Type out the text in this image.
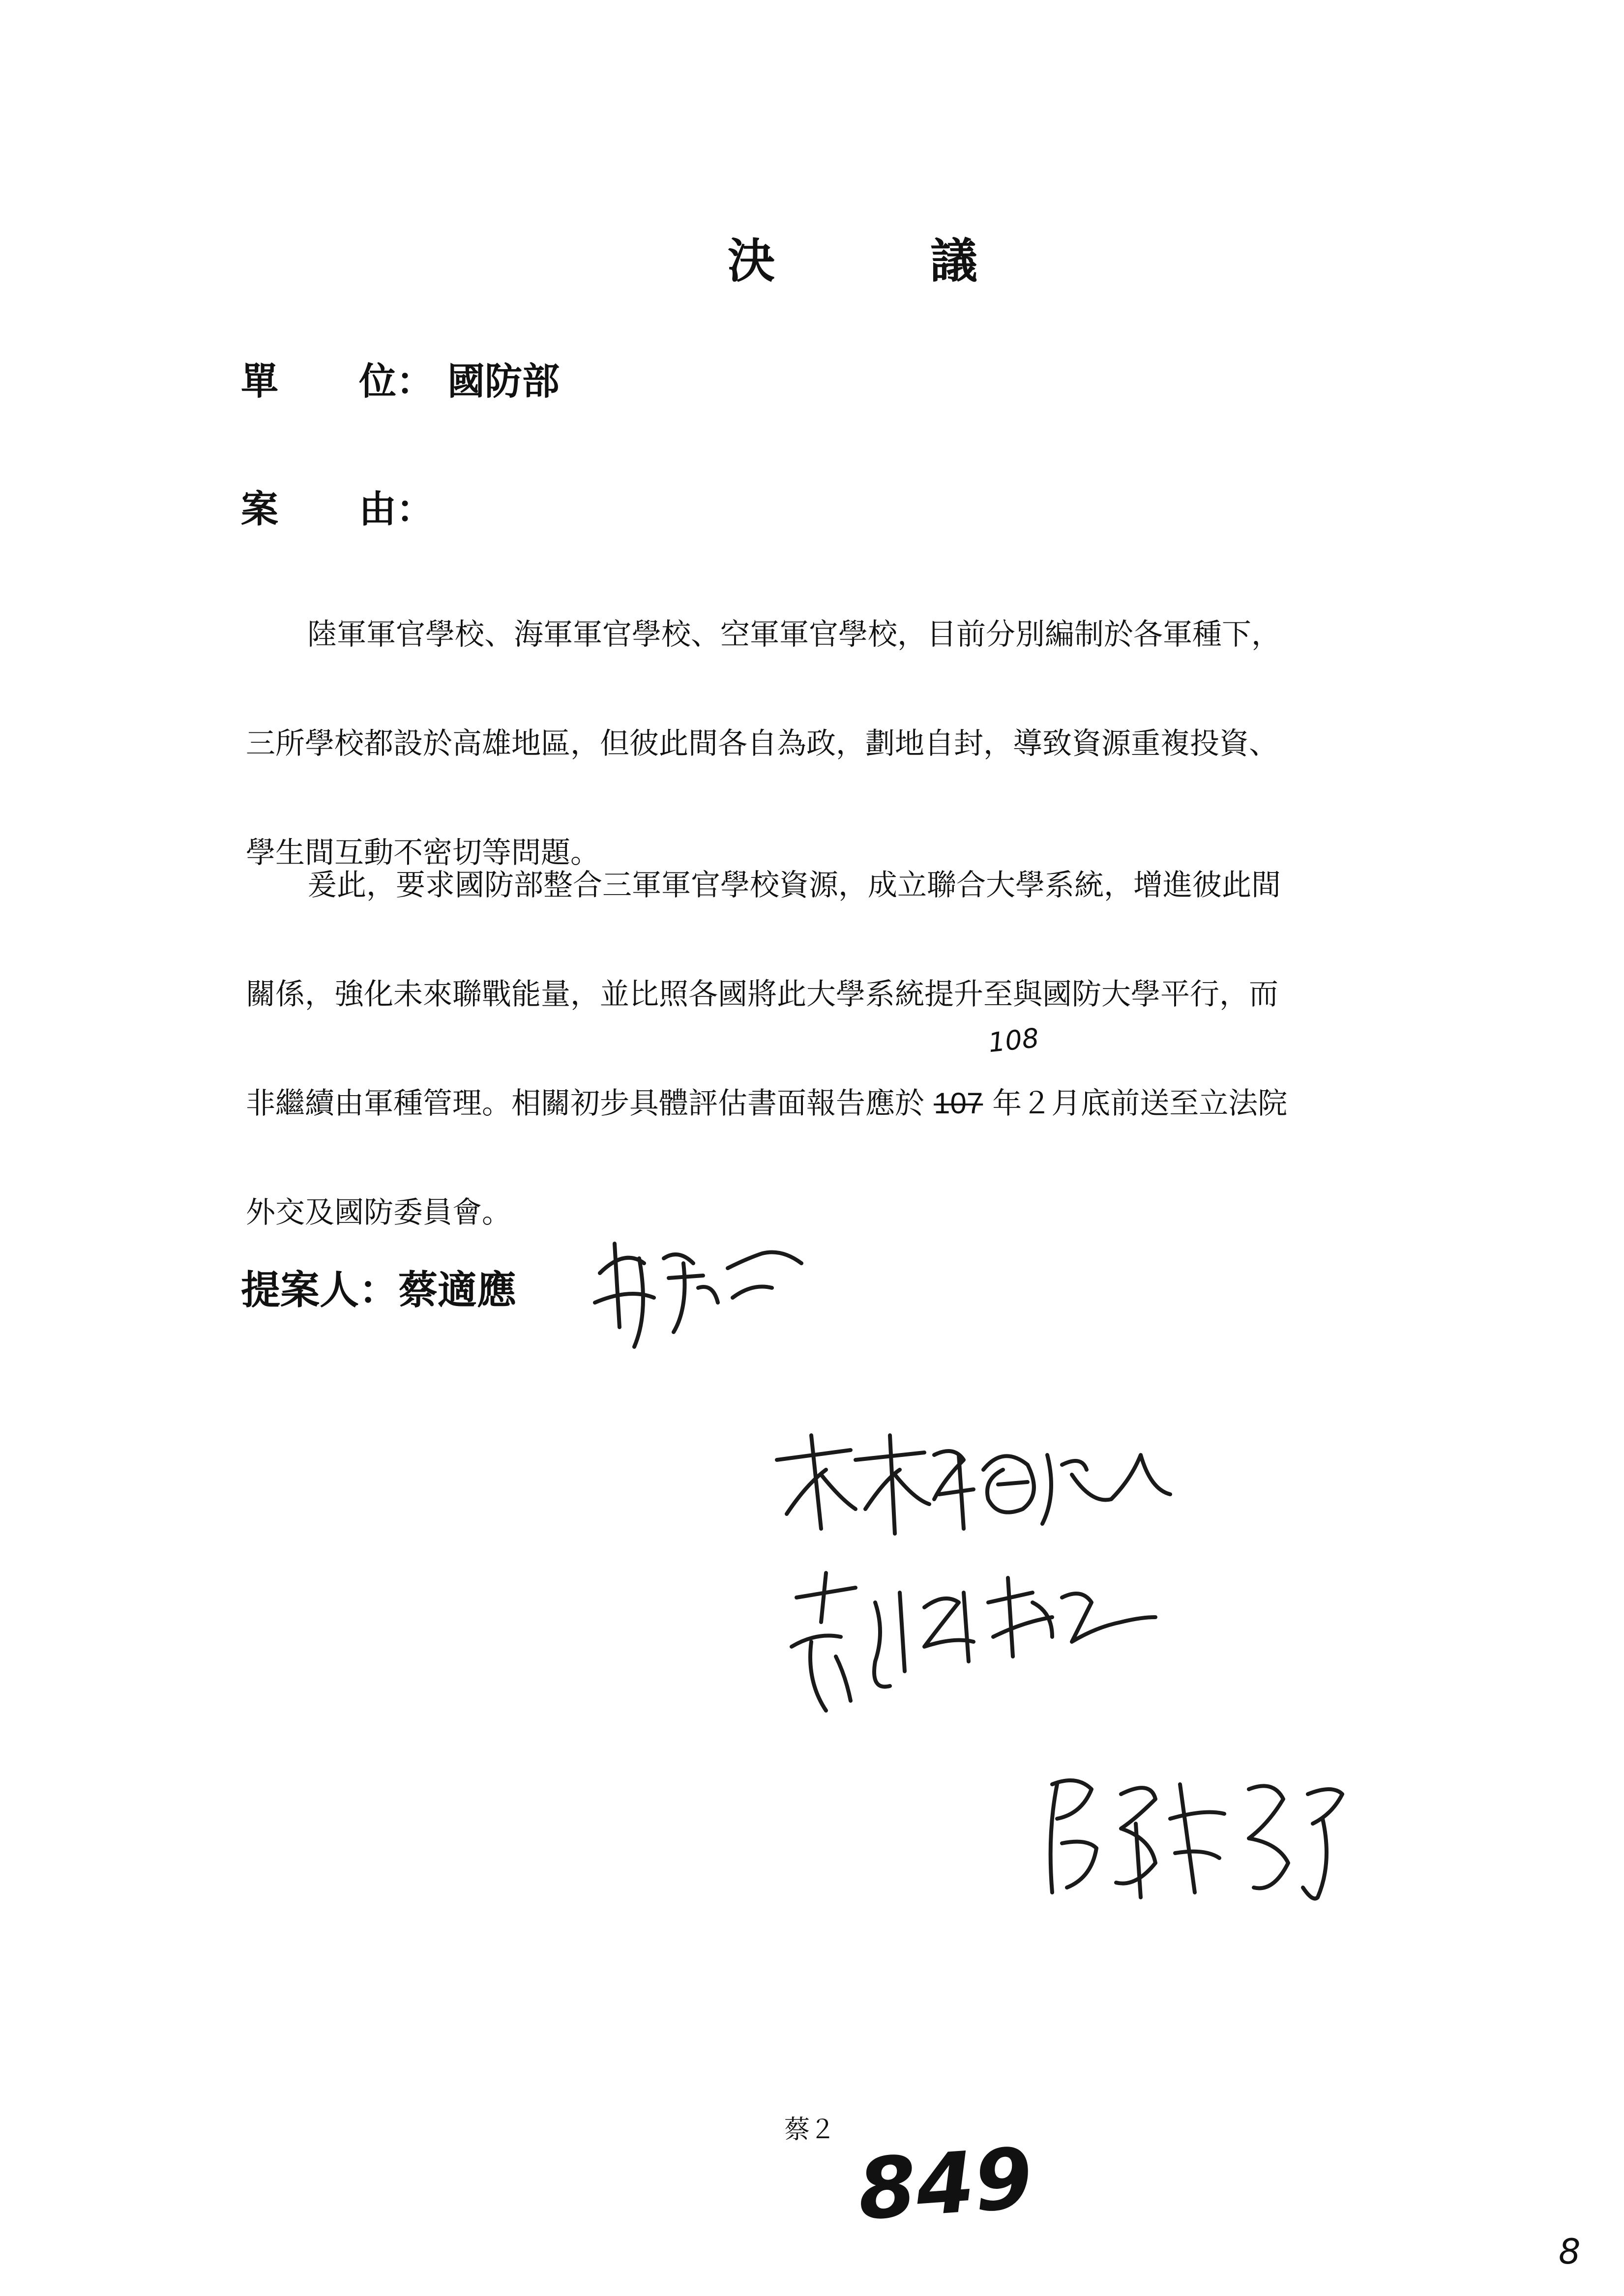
決　議
單 位： 國防部
案 由：
陸軍軍官學校、海軍軍官學校、空軍軍官學校，目前分別編制於各軍種下，
三所學校都設於高雄地區，但彼此間各自為政，劃地自封，導致資源重複投資、
學生間互動不密切等問題。
爰此，要求國防部整合三軍軍官學校資源，成立聯合大學系統，增進彼此間
關係，強化未來聯戰能量，並比照各國將此大學系統提升至與國防大學平行，而
非繼續由軍種管理。相關初步具體評估書面報告應於 107 年２月底前送至立法院
外交及國防委員會。
108
提案人：蔡適應
蔡２ 849
8
